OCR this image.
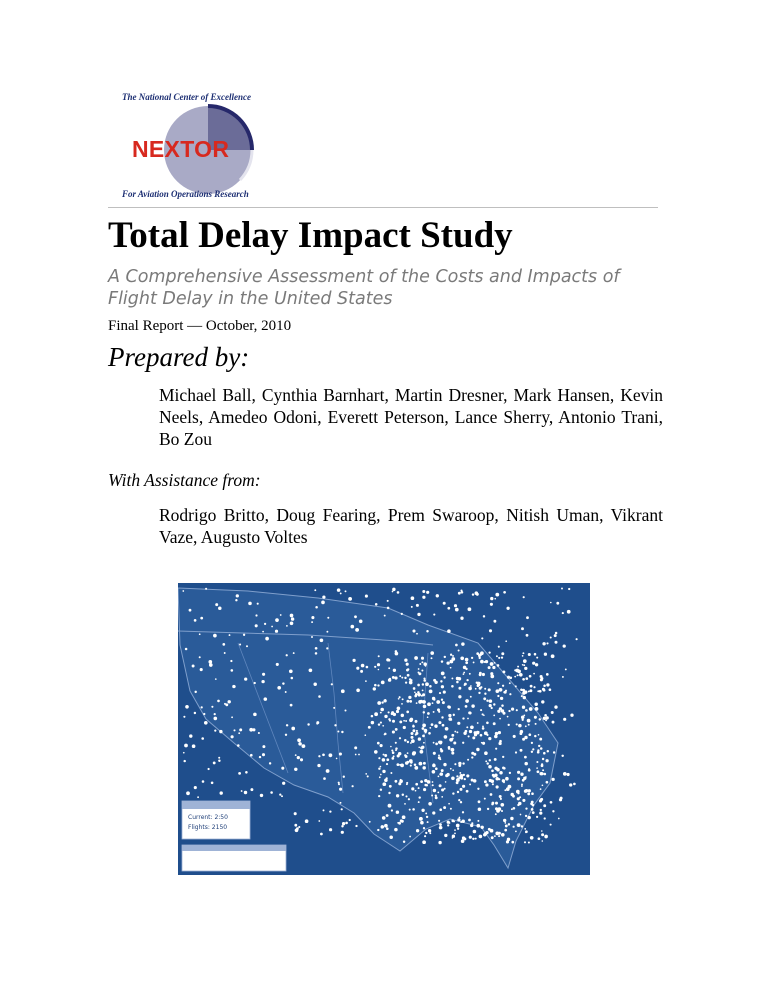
The National Center of Excellence
NEXTOR
For Aviation Operations Research
Total Delay Impact Study
A Comprehensive Assessment of the Costs and Impacts of Flight Delay in the United States
Final Report — October, 2010
Prepared by:
Michael Ball, Cynthia Barnhart, Martin Dresner, Mark Hansen, Kevin Neels, Amedeo Odoni, Everett Peterson, Lance Sherry, Antonio Trani, Bo Zou
With Assistance from:
Rodrigo Britto, Doug Fearing, Prem Swaroop, Nitish Uman, Vikrant Vaze, Augusto Voltes
Current: 2:50
Flights: 2150
